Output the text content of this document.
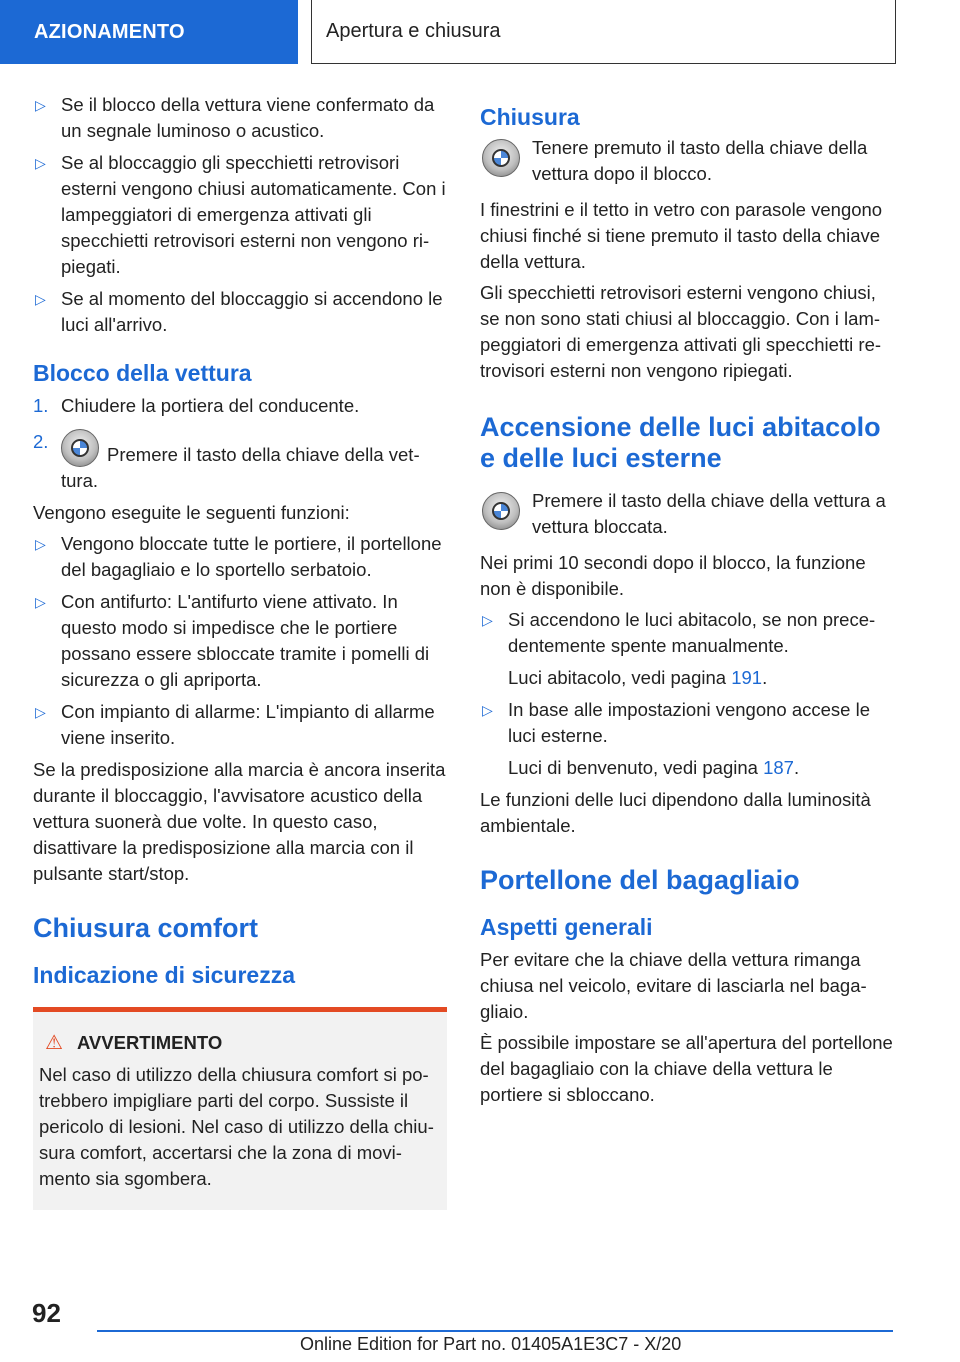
AZIONAMENTO	Apertura e chiusura
▷ Se il blocco della vettura viene confermato da un segnale luminoso o acustico.
▷ Se al bloccaggio gli specchietti retrovisori esterni vengono chiusi automaticamente. Con i lampeggiatori di emergenza attivati gli specchietti retrovisori esterni non vengono ripiegati.
▷ Se al momento del bloccaggio si accendono le luci all'arrivo.
Blocco della vettura
1. Chiudere la portiera del conducente.
2.
Premere il tasto della chiave della vettura.

Vengono eseguite le seguenti funzioni:

▷ Vengono bloccate tutte le portiere, il portellone del bagagliaio e lo sportello serbatoio.
▷ Con antifurto: L'antifurto viene attivato. In questo modo si impedisce che le portiere possano essere sbloccate tramite i pomelli di sicurezza o gli apriporta.
▷ Con impianto di allarme: L'impianto di allarme viene inserito.

Se la predisposizione alla marcia è ancora inserita durante il bloccaggio, l'avvisatore acustico della vettura suonerà due volte. In questo caso, disattivare la predisposizione alla marcia con il pulsante start/stop.

Chiusura comfort
Indicazione di sicurezza
⚠ AVVERTIMENTO
Nel caso di utilizzo della chiusura comfort si potrebbero impigliare parti del corpo. Sussiste il pericolo di lesioni. Nel caso di utilizzo della chiusura comfort, accertarsi che la zona di movimento sia sgombera.
Chiusura
Tenere premuto il tasto della chiave della vettura dopo il blocco.

I finestrini e il tetto in vetro con parasole vengono chiusi finché si tiene premuto il tasto della chiave della vettura.

Gli specchietti retrovisori esterni vengono chiusi, se non sono stati chiusi al bloccaggio. Con i lampeggiatori di emergenza attivati gli specchietti retrovisori esterni non vengono ripiegati.

Accensione delle luci abitacolo e delle luci esterne
Premere il tasto della chiave della vettura a vettura bloccata.

Nei primi 10 secondi dopo il blocco, la funzione non è disponibile.

▷ Si accendono le luci abitacolo, se non precedentemente spente manualmente.
Luci abitacolo, vedi pagina 191.
▷ In base alle impostazioni vengono accese le luci esterne.
Luci di benvenuto, vedi pagina 187.

Le funzioni delle luci dipendono dalla luminosità ambientale.

Portellone del bagagliaio
Aspetti generali

Per evitare che la chiave della vettura rimanga chiusa nel veicolo, evitare di lasciarla nel bagagliaio.

È possibile impostare se all'apertura del portellone del bagagliaio con la chiave della vettura le portiere si sbloccano.

92
Online Edition for Part no. 01405A1E3C7 - X/20
